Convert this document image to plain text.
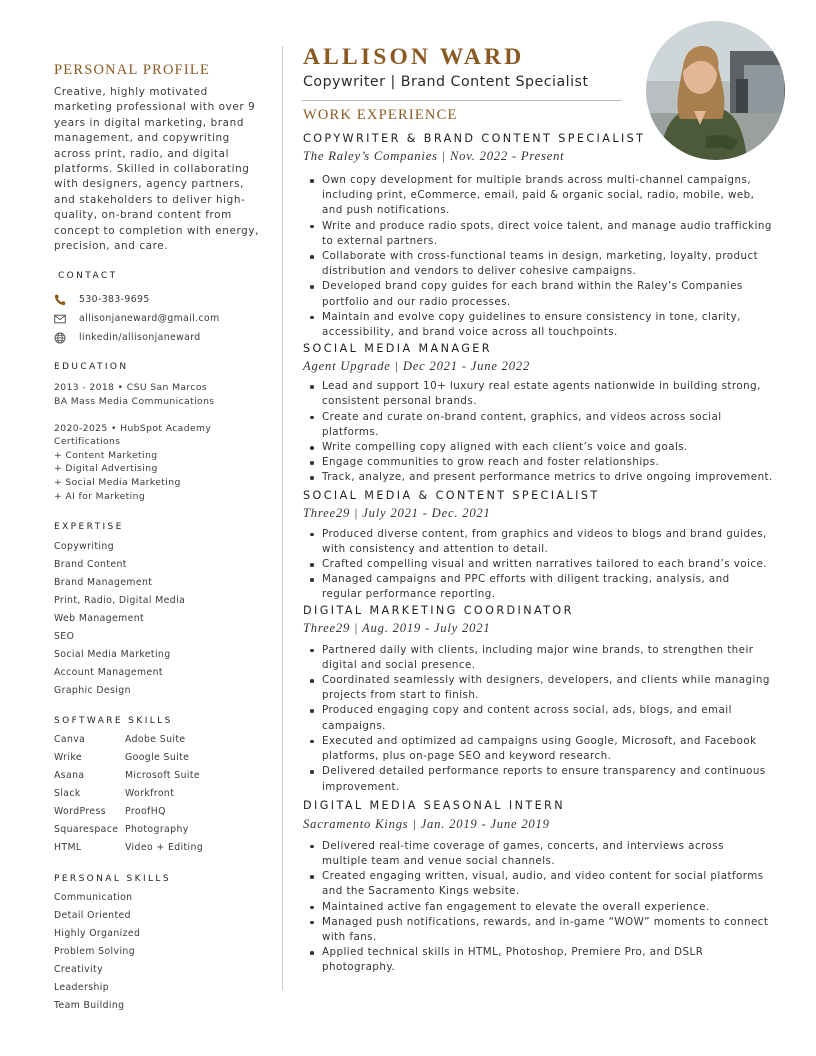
PERSONAL PROFILE

Creative, highly motivated marketing professional with over 9 years in digital marketing, brand management, and copywriting across print, radio, and digital platforms. Skilled in collaborating with designers, agency partners, and stakeholders to deliver high-quality, on-brand content from concept to completion with energy, precision, and care.

CONTACT
530-383-9695
allisonjaneward@gmail.com
linkedin/allisonjaneward
EDUCATION
2013 - 2018 • CSU San Marcos
BA Mass Media Communications
2020-2025 • HubSpot Academy
Certifications
+ Content Marketing
+ Digital Advertising
+ Social Media Marketing
+ AI for Marketing
EXPERTISE
Copywriting
Brand Content
Brand Management
Print, Radio, Digital Media
Web Management
SEO
Social Media Marketing
Account Management
Graphic Design
SOFTWARE SKILLS
Canva	Adobe Suite
Wrike	Google Suite
Asana	Microsoft Suite
Slack	Workfront
WordPress	ProofHQ
Squarespace Photography
HTML	Video + Editing
PERSONAL SKILLS
Communication
Detail Oriented
Highly Organized
Problem Solving
Creativity
Leadership
Team Building
ALLISON WARD

Copywriter | Brand Content Specialist

WORK EXPERIENCE
COPYWRITER & BRAND CONTENT SPECIALIST

The Raley’s Companies | Nov. 2022 - Present

Own copy development for multiple brands across multi-channel campaigns, including print, eCommerce, email, paid & organic social, radio, mobile, web, and push notifications.
Write and produce radio spots, direct voice talent, and manage audio trafficking to external partners.
Collaborate with cross-functional teams in design, marketing, loyalty, product distribution and vendors to deliver cohesive campaigns.
Developed brand copy guides for each brand within the Raley’s Companies portfolio and our radio processes.
Maintain and evolve copy guidelines to ensure consistency in tone, clarity, accessibility, and brand voice across all touchpoints.
SOCIAL MEDIA MANAGER

Agent Upgrade | Dec 2021 - June 2022

Lead and support 10+ luxury real estate agents nationwide in building strong, consistent personal brands.
Create and curate on-brand content, graphics, and videos across social platforms.
Write compelling copy aligned with each client’s voice and goals.
Engage communities to grow reach and foster relationships.
Track, analyze, and present performance metrics to drive ongoing improvement.
SOCIAL MEDIA & CONTENT SPECIALIST

Three29 | July 2021 - Dec. 2021

Produced diverse content, from graphics and videos to blogs and brand guides, with consistency and attention to detail.
Crafted compelling visual and written narratives tailored to each brand’s voice.
Managed campaigns and PPC efforts with diligent tracking, analysis, and regular performance reporting.
DIGITAL MARKETING COORDINATOR

Three29 | Aug. 2019 - July 2021

Partnered daily with clients, including major wine brands, to strengthen their digital and social presence.
Coordinated seamlessly with designers, developers, and clients while managing projects from start to finish.
Produced engaging copy and content across social, ads, blogs, and email campaigns.
Executed and optimized ad campaigns using Google, Microsoft, and Facebook platforms, plus on-page SEO and keyword research.
Delivered detailed performance reports to ensure transparency and continuous improvement.
DIGITAL MEDIA SEASONAL INTERN

Sacramento Kings | Jan. 2019 - June 2019

Delivered real-time coverage of games, concerts, and interviews across multiple team and venue social channels.
Created engaging written, visual, audio, and video content for social platforms and the Sacramento Kings website.
Maintained active fan engagement to elevate the overall experience.
Managed push notifications, rewards, and in-game “WOW” moments to connect with fans.
Applied technical skills in HTML, Photoshop, Premiere Pro, and DSLR photography.
